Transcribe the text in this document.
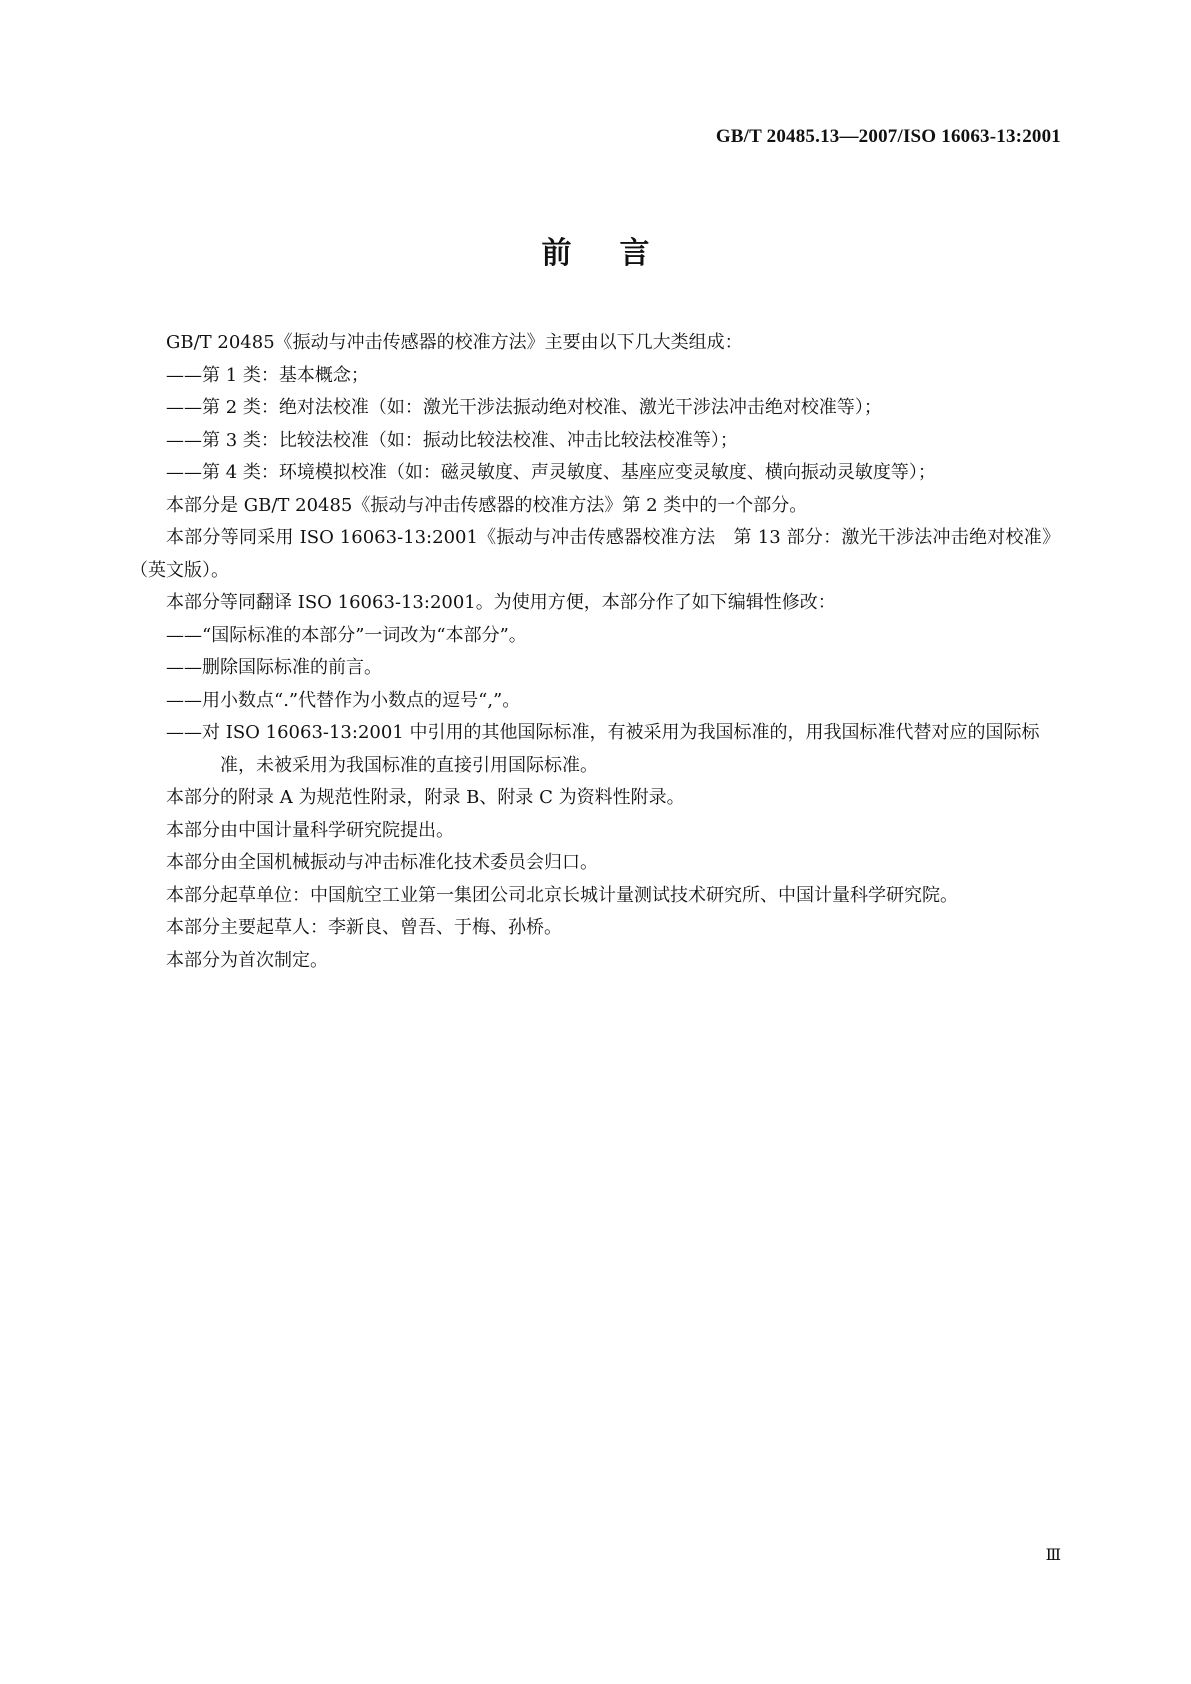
GB/T 20485.13—2007/ISO 16063-13:2001
前言

GB/T 20485《振动与冲击传感器的校准方法》主要由以下几大类组成：

——第 1 类：基本概念；

——第 2 类：绝对法校准（如：激光干涉法振动绝对校准、激光干涉法冲击绝对校准等）；

——第 3 类：比较法校准（如：振动比较法校准、冲击比较法校准等）；

——第 4 类：环境模拟校准（如：磁灵敏度、声灵敏度、基座应变灵敏度、横向振动灵敏度等）；

本部分是 GB/T 20485《振动与冲击传感器的校准方法》第 2 类中的一个部分。

本部分等同采用 ISO 16063-13:2001《振动与冲击传感器校准方法　第 13 部分：激光干涉法冲击绝对校准》（英文版）。

本部分等同翻译 ISO 16063-13:2001。为使用方便，本部分作了如下编辑性修改：

——“国际标准的本部分”一词改为“本部分”。

——删除国际标准的前言。

——用小数点“.”代替作为小数点的逗号“,”。

——对 ISO 16063-13:2001 中引用的其他国际标准，有被采用为我国标准的，用我国标准代替对应的国际标准，未被采用为我国标准的直接引用国际标准。

本部分的附录 A 为规范性附录，附录 B、附录 C 为资料性附录。

本部分由中国计量科学研究院提出。

本部分由全国机械振动与冲击标准化技术委员会归口。

本部分起草单位：中国航空工业第一集团公司北京长城计量测试技术研究所、中国计量科学研究院。

本部分主要起草人：李新良、曾吾、于梅、孙桥。

本部分为首次制定。

Ⅲ
